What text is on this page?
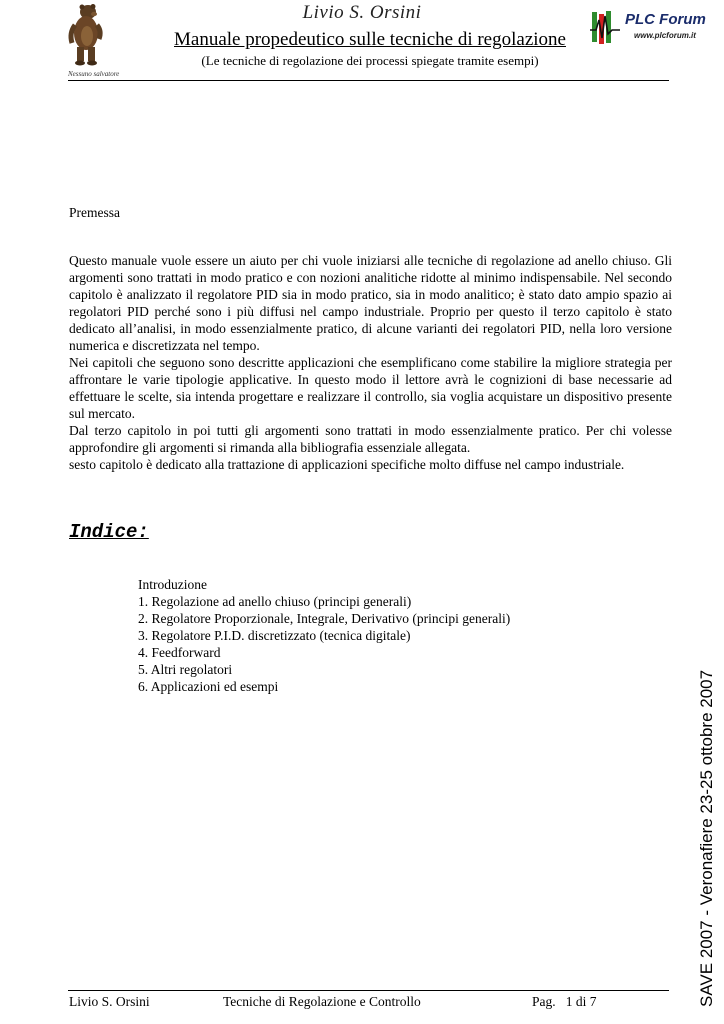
Nessuno salvatore
Livio S. Orsini
Manuale propedeutico sulle tecniche di regolazione
(Le tecniche di regolazione dei processi spiegate tramite esempi)
PLC Forum
www.plcforum.it
Premessa

Questo manuale vuole essere un aiuto per chi vuole iniziarsi alle tecniche di regolazione ad anello chiuso. Gli argomenti sono trattati in modo pratico e con nozioni analitiche ridotte al minimo indispensabile. Nel secondo capitolo è analizzato il regolatore PID sia in modo pratico, sia in modo analitico; è stato dato ampio spazio ai regolatori PID perché sono i più diffusi nel campo industriale. Proprio per questo il terzo capitolo è stato dedicato all’analisi, in modo essenzialmente pratico, di alcune varianti dei regolatori PID, nella loro versione numerica e discretizzata nel tempo.

Nei capitoli che seguono sono descritte applicazioni che esemplificano come stabilire la migliore strategia per affrontare le varie tipologie applicative. In questo modo il lettore avrà le cognizioni di base necessarie ad effettuare le scelte, sia intenda progettare e realizzare il controllo, sia voglia acquistare un dispositivo presente sul mercato.

Dal terzo capitolo in poi tutti gli argomenti sono trattati in modo essenzialmente pratico. Per chi volesse approfondire gli argomenti si rimanda alla bibliografia essenziale allegata.

sesto capitolo è dedicato alla trattazione di applicazioni specifiche molto diffuse nel campo industriale.

Indice:
Introduzione
1. Regolazione ad anello chiuso (principi generali)
2. Regolatore Proporzionale, Integrale, Derivativo (principi generali)
3. Regolatore P.I.D. discretizzato (tecnica digitale)
4. Feedforward
5. Altri regolatori
6. Applicazioni ed esempi	SAVE 2007 - Veronafiere 23-25 ottobre 2007
Livio S. Orsini	Tecniche di Regolazione e Controllo	Pag.   1 di 7
